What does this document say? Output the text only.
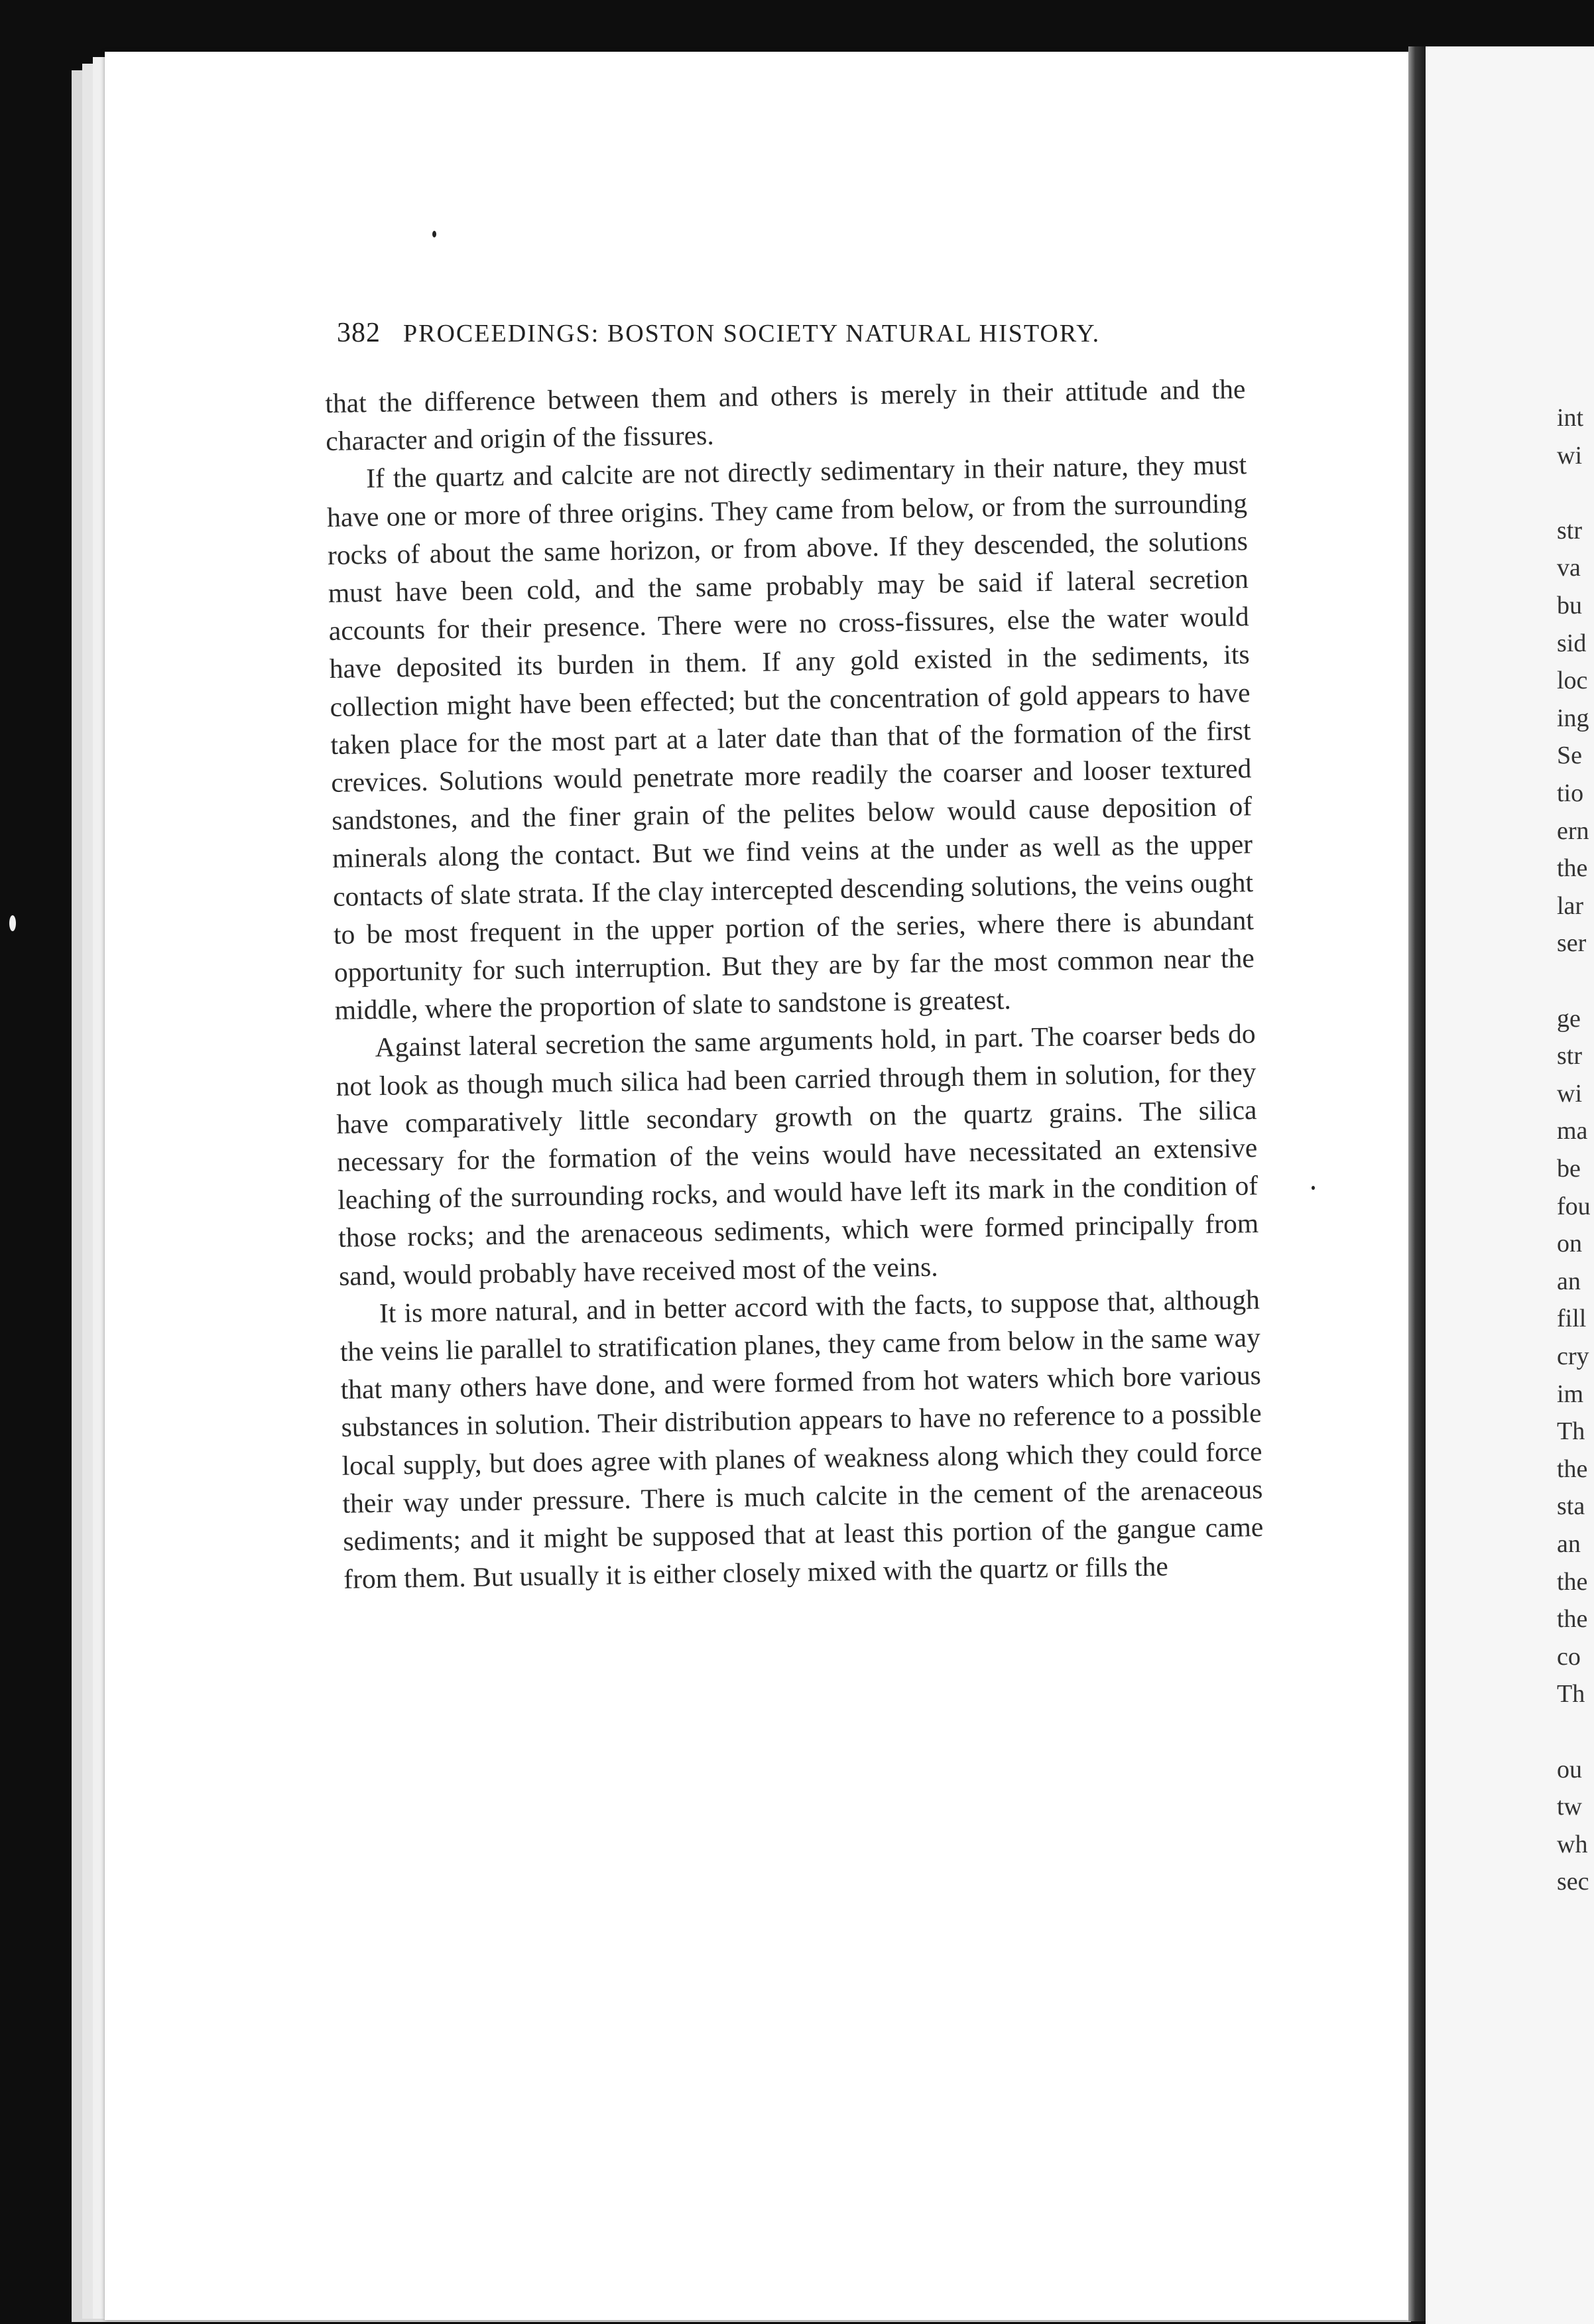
382 PROCEEDINGS: BOSTON SOCIETY NATURAL HISTORY.

that the difference between them and others is merely in their attitude and the character and origin of the fissures.

If the quartz and calcite are not directly sedimentary in their nature, they must have one or more of three origins. They came from below, or from the surrounding rocks of about the same horizon, or from above. If they descended, the solutions must have been cold, and the same probably may be said if lateral secretion accounts for their presence. There were no cross-fissures, else the water would have deposited its burden in them. If any gold existed in the sediments, its collection might have been effected; but the concentration of gold appears to have taken place for the most part at a later date than that of the formation of the first crevices. Solutions would penetrate more readily the coarser and looser textured sandstones, and the finer grain of the pelites below would cause deposition of minerals along the contact. But we find veins at the under as well as the upper contacts of slate strata. If the clay intercepted descending solutions, the veins ought to be most frequent in the upper portion of the series, where there is abundant opportunity for such interruption. But they are by far the most common near the middle, where the proportion of slate to sandstone is greatest.

Against lateral secretion the same arguments hold, in part. The coarser beds do not look as though much silica had been carried through them in solution, for they have comparatively little secondary growth on the quartz grains. The silica necessary for the formation of the veins would have necessitated an extensive leaching of the surrounding rocks, and would have left its mark in the condition of those rocks; and the arenaceous sediments, which were formed principally from sand, would probably have received most of the veins.

It is more natural, and in better accord with the facts, to suppose that, although the veins lie parallel to stratification planes, they came from below in the same way that many others have done, and were formed from hot waters which bore various substances in solution. Their distribution appears to have no reference to a possible local supply, but does agree with planes of weakness along which they could force their way under pressure. There is much calcite in the cement of the arenaceous sediments; and it might be supposed that at least this portion of the gangue came from them. But usually it is either closely mixed with the quartz or fills the

int
wi
str
va
bu
sid
loc
ing
Se
tio
ern
the
lar
ser
ge
str
wi
ma
be
fou
on
an
fill
cry
im
Th
the
sta
an
the
the
co
Th
ou
tw
wh
sec
